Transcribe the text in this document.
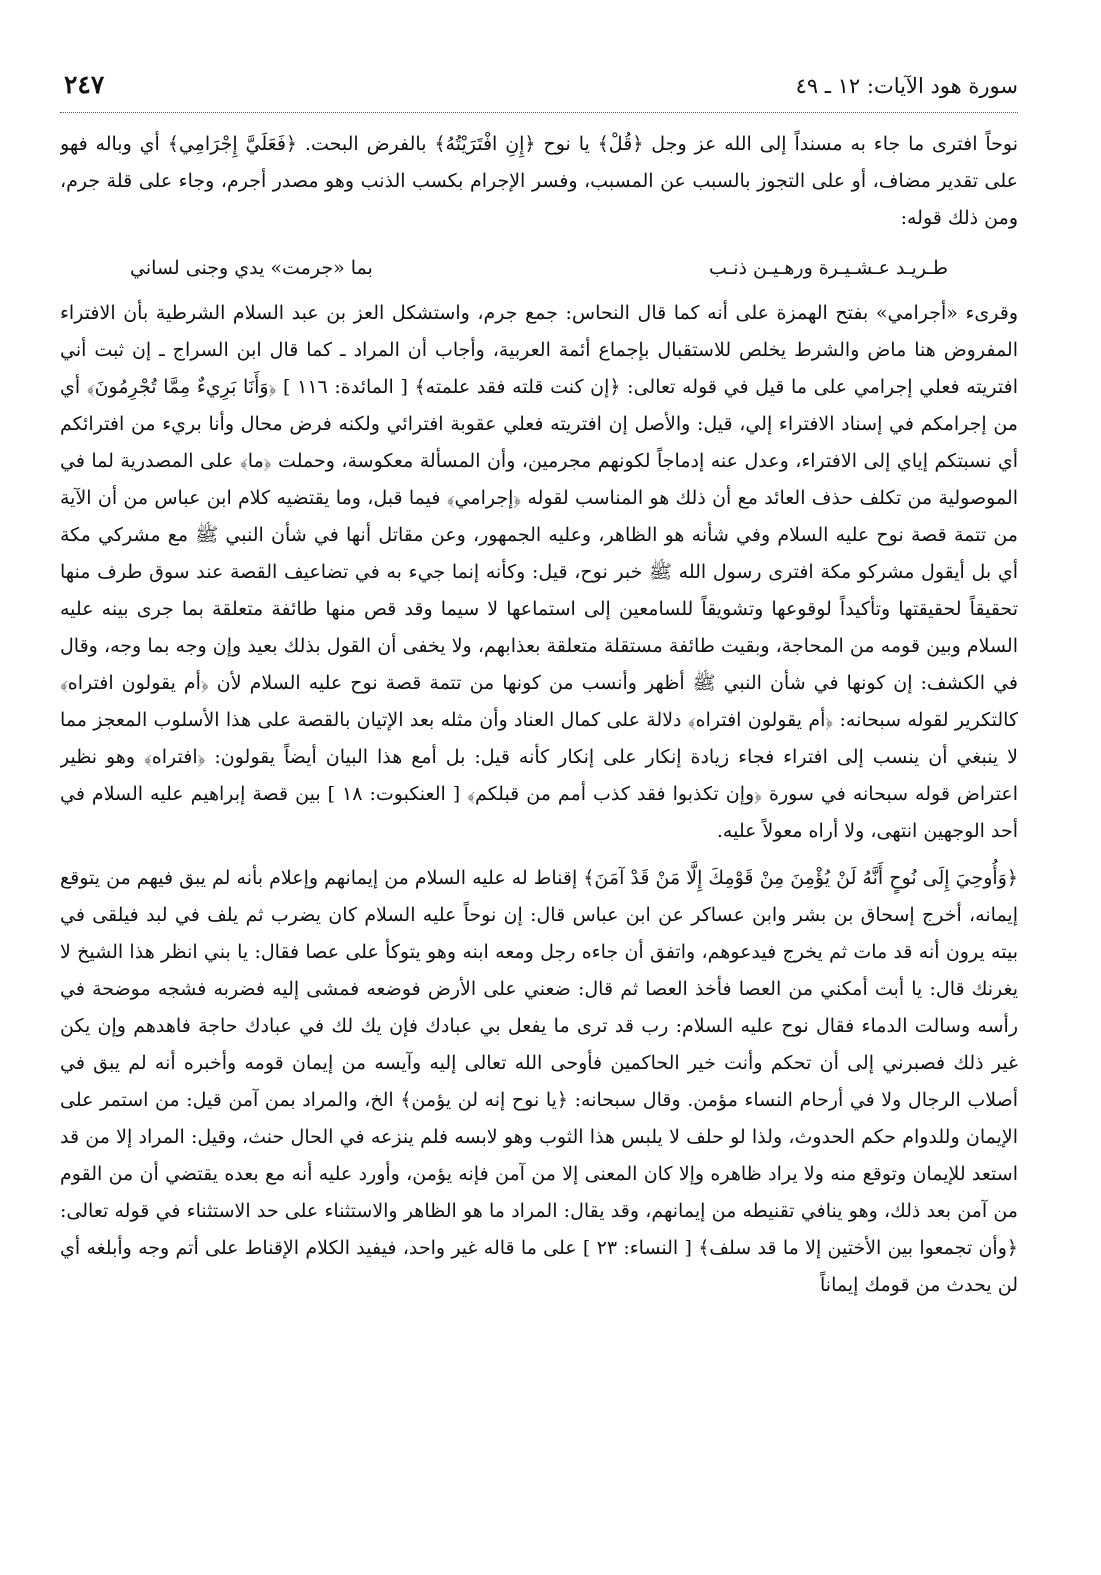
سورة هود الآيات: ١٢ ـ ٤٩
٢٤٧

نوحاً افترى ما جاء به مسنداً إلى الله عز وجل ﴿قُلْ﴾ يا نوح ﴿إِنِ افْتَرَيْتُهُ﴾ بالفرض البحت. ﴿فَعَلَيَّ إِجْرَامِي﴾ أي وباله فهو على تقدير مضاف، أو على التجوز بالسبب عن المسبب، وفسر الإجرام بكسب الذنب وهو مصدر أجرم، وجاء على قلة جرم، ومن ذلك قوله:

طـريـد عـشـيـرة ورهـيـن ذنـب
بما «جرمت» يدي وجنى لساني

وقرىء «أجرامي» بفتح الهمزة على أنه كما قال النحاس: جمع جرم، واستشكل العز بن عبد السلام الشرطية بأن الافتراء المفروض هنا ماض والشرط يخلص للاستقبال بإجماع أئمة العربية، وأجاب أن المراد ـ كما قال ابن السراج ـ إن ثبت أني افتريته فعلي إجرامي على ما قيل في قوله تعالى: ﴿إن كنت قلته فقد علمته﴾ [ المائدة: ١١٦ ] ﴿وَأَنَا بَرِيءٌ مِمَّا تُجْرِمُونَ﴾ أي من إجرامكم في إسناد الافتراء إلي، قيل: والأصل إن افتريته فعلي عقوبة افترائي ولكنه فرض محال وأنا بريء من افترائكم أي نسبتكم إياي إلى الافتراء، وعدل عنه إدماجاً لكونهم مجرمين، وأن المسألة معكوسة، وحملت ﴿ما﴾ على المصدرية لما في الموصولية من تكلف حذف العائد مع أن ذلك هو المناسب لقوله ﴿إجرامي﴾ فيما قبل، وما يقتضيه كلام ابن عباس من أن الآية من تتمة قصة نوح عليه السلام وفي شأنه هو الظاهر، وعليه الجمهور، وعن مقاتل أنها في شأن النبي ﷺ مع مشركي مكة أي بل أيقول مشركو مكة افترى رسول الله ﷺ خبر نوح، قيل: وكأنه إنما جيء به في تضاعيف القصة عند سوق طرف منها تحقيقاً لحقيقتها وتأكيداً لوقوعها وتشويقاً للسامعين إلى استماعها لا سيما وقد قص منها طائفة متعلقة بما جرى بينه عليه السلام وبين قومه من المحاجة، وبقيت طائفة مستقلة متعلقة بعذابهم، ولا يخفى أن القول بذلك بعيد وإن وجه بما وجه، وقال في الكشف: إن كونها في شأن النبي ﷺ أظهر وأنسب من كونها من تتمة قصة نوح عليه السلام لأن ﴿أم يقولون افتراه﴾ كالتكرير لقوله سبحانه: ﴿أم يقولون افتراه﴾ دلالة على كمال العناد وأن مثله بعد الإتيان بالقصة على هذا الأسلوب المعجز مما لا ينبغي أن ينسب إلى افتراء فجاء زيادة إنكار على إنكار كأنه قيل: بل أمع هذا البيان أيضاً يقولون: ﴿افتراه﴾ وهو نظير اعتراض قوله سبحانه في سورة ﴿وإن تكذبوا فقد كذب أمم من قبلكم﴾ [ العنكبوت: ١٨ ] بين قصة إبراهيم عليه السلام في أحد الوجهين انتهى، ولا أراه معولاً عليه.

﴿وَأُوحِيَ إِلَى نُوحٍ أَنَّهُ لَنْ يُؤْمِنَ مِنْ قَوْمِكَ إِلَّا مَنْ قَدْ آمَنَ﴾ إقناط له عليه السلام من إيمانهم وإعلام بأنه لم يبق فيهم من يتوقع إيمانه، أخرج إسحاق بن بشر وابن عساكر عن ابن عباس قال: إن نوحاً عليه السلام كان يضرب ثم يلف في لبد فيلقى في بيته يرون أنه قد مات ثم يخرج فيدعوهم، واتفق أن جاءه رجل ومعه ابنه وهو يتوكأ على عصا فقال: يا بني انظر هذا الشيخ لا يغرنك قال: يا أبت أمكني من العصا فأخذ العصا ثم قال: ضعني على الأرض فوضعه فمشى إليه فضربه فشجه موضحة في رأسه وسالت الدماء فقال نوح عليه السلام: رب قد ترى ما يفعل بي عبادك فإن يك لك في عبادك حاجة فاهدهم وإن يكن غير ذلك فصبرني إلى أن تحكم وأنت خير الحاكمين فأوحى الله تعالى إليه وآيسه من إيمان قومه وأخبره أنه لم يبق في أصلاب الرجال ولا في أرحام النساء مؤمن. وقال سبحانه: ﴿يا نوح إنه لن يؤمن﴾ الخ، والمراد بمن آمن قيل: من استمر على الإيمان وللدوام حكم الحدوث، ولذا لو حلف لا يلبس هذا الثوب وهو لابسه فلم ينزعه في الحال حنث، وقيل: المراد إلا من قد استعد للإيمان وتوقع منه ولا يراد ظاهره وإلا كان المعنى إلا من آمن فإنه يؤمن، وأورد عليه أنه مع بعده يقتضي أن من القوم من آمن بعد ذلك، وهو ينافي تقنيطه من إيمانهم، وقد يقال: المراد ما هو الظاهر والاستثناء على حد الاستثناء في قوله تعالى: ﴿وأن تجمعوا بين الأختين إلا ما قد سلف﴾ [ النساء: ٢٣ ] على ما قاله غير واحد، فيفيد الكلام الإقناط على أتم وجه وأبلغه أي لن يحدث من قومك إيماناً
